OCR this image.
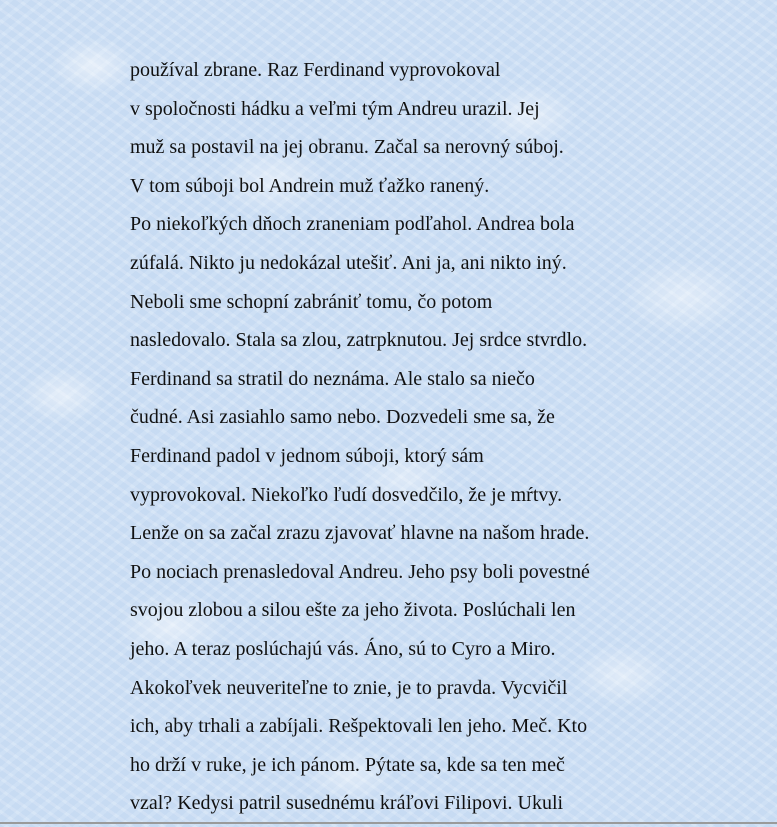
používal zbrane. Raz Ferdinand vyprovokoval
v spoločnosti hádku a veľmi tým Andreu urazil. Jej
muž sa postavil na jej obranu. Začal sa nerovný súboj.
V tom súboji bol Andrein muž ťažko ranený.
Po niekoľkých dňoch zraneniam podľahol. Andrea bola
zúfalá. Nikto ju nedokázal utešiť. Ani ja, ani nikto iný.
Neboli sme schopní zabrániť tomu, čo potom
nasledovalo. Stala sa zlou, zatrpknutou. Jej srdce stvrdlo.
Ferdinand sa stratil do neznáma. Ale stalo sa niečo
čudné. Asi zasiahlo samo nebo. Dozvedeli sme sa, že
Ferdinand padol v jednom súboji, ktorý sám
vyprovokoval. Niekoľko ľudí dosvedčilo, že je mŕtvy.
Lenže on sa začal zrazu zjavovať hlavne na našom hrade.
Po nociach prenasledoval Andreu. Jeho psy boli povestné
svojou zlobou a silou ešte za jeho života. Poslúchali len
jeho. A teraz poslúchajú vás. Áno, sú to Cyro a Miro.
Akokoľvek neuveriteľne to znie, je to pravda. Vycvičil
ich, aby trhali a zabíjali. Rešpektovali len jeho. Meč. Kto
ho drží v ruke, je ich pánom. Pýtate sa, kde sa ten meč
vzal? Kedysi patril susednému kráľovi Filipovi. Ukuli
